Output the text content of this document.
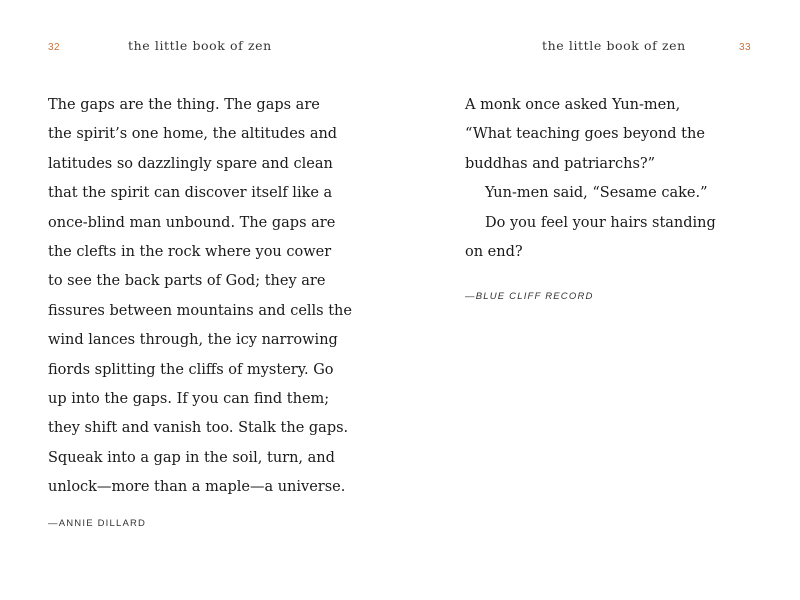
32	the little book of zen
The gaps are the thing. The gaps are
the spirit’s one home, the altitudes and
latitudes so dazzlingly spare and clean
that the spirit can discover itself like a
once-blind man unbound. The gaps are
the clefts in the rock where you cower
to see the back parts of God; they are
fissures between mountains and cells the
wind lances through, the icy narrowing
fiords splitting the cliffs of mystery. Go
up into the gaps. If you can find them;
they shift and vanish too. Stalk the gaps.
Squeak into a gap in the soil, turn, and
unlock—more than a maple—a universe.
—ANNIE DILLARD
33
the little book of zen
A monk once asked Yun-men,
“What teaching goes beyond the
buddhas and patriarchs?”
Yun-men said, “Sesame cake.”
Do you feel your hairs standing
on end?
—BLUE CLIFF RECORD
